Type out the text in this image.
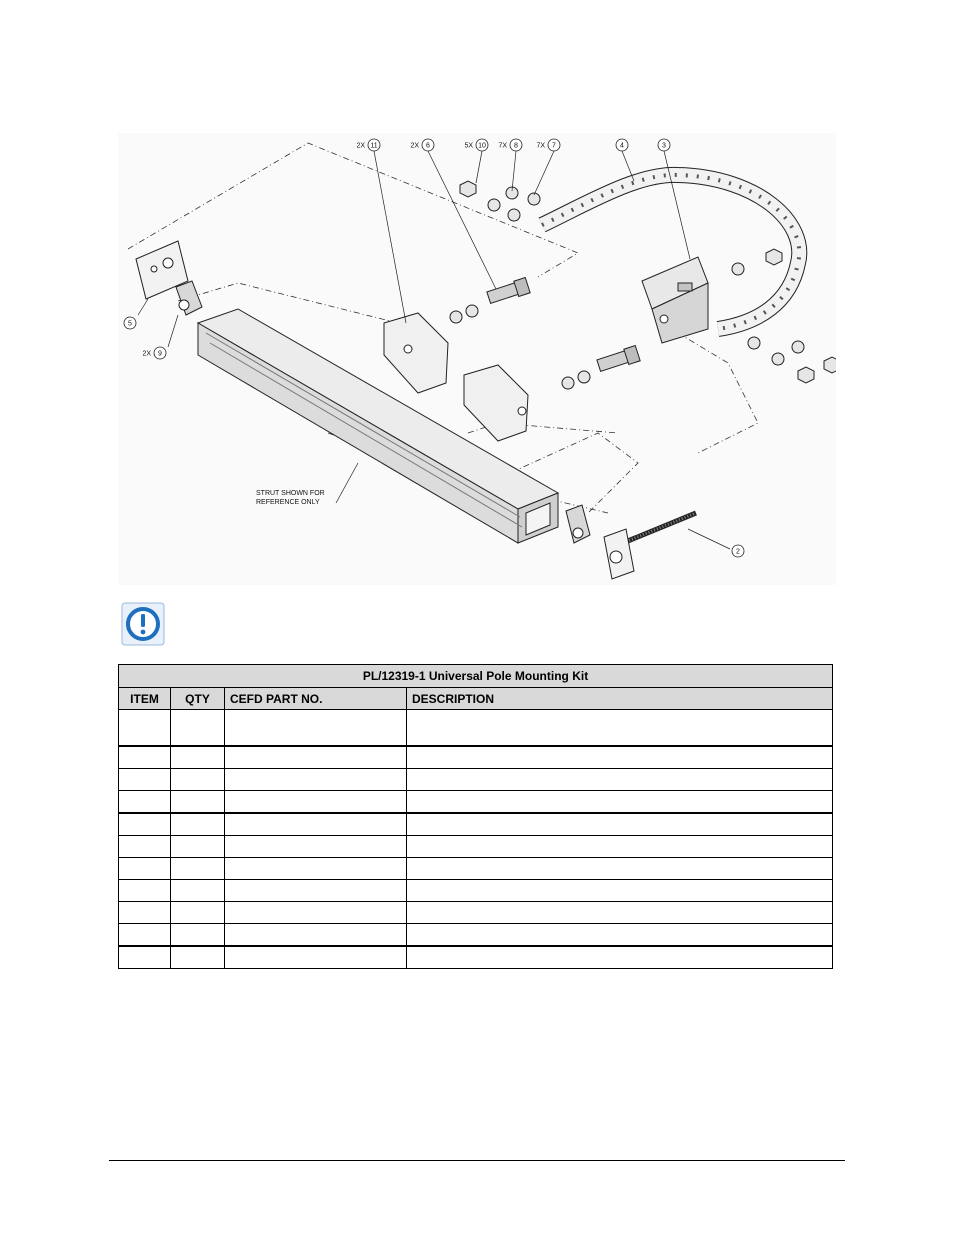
11
2X	6
2X	10
5X	8
7X	7
7X	4	3
5
9
2X
2
STRUT SHOWN FOR
REFERENCE ONLY
PL/12319-1 Universal Pole Mounting Kit			
ITEM	QTY	CEFD PART NO.	DESCRIPTION
